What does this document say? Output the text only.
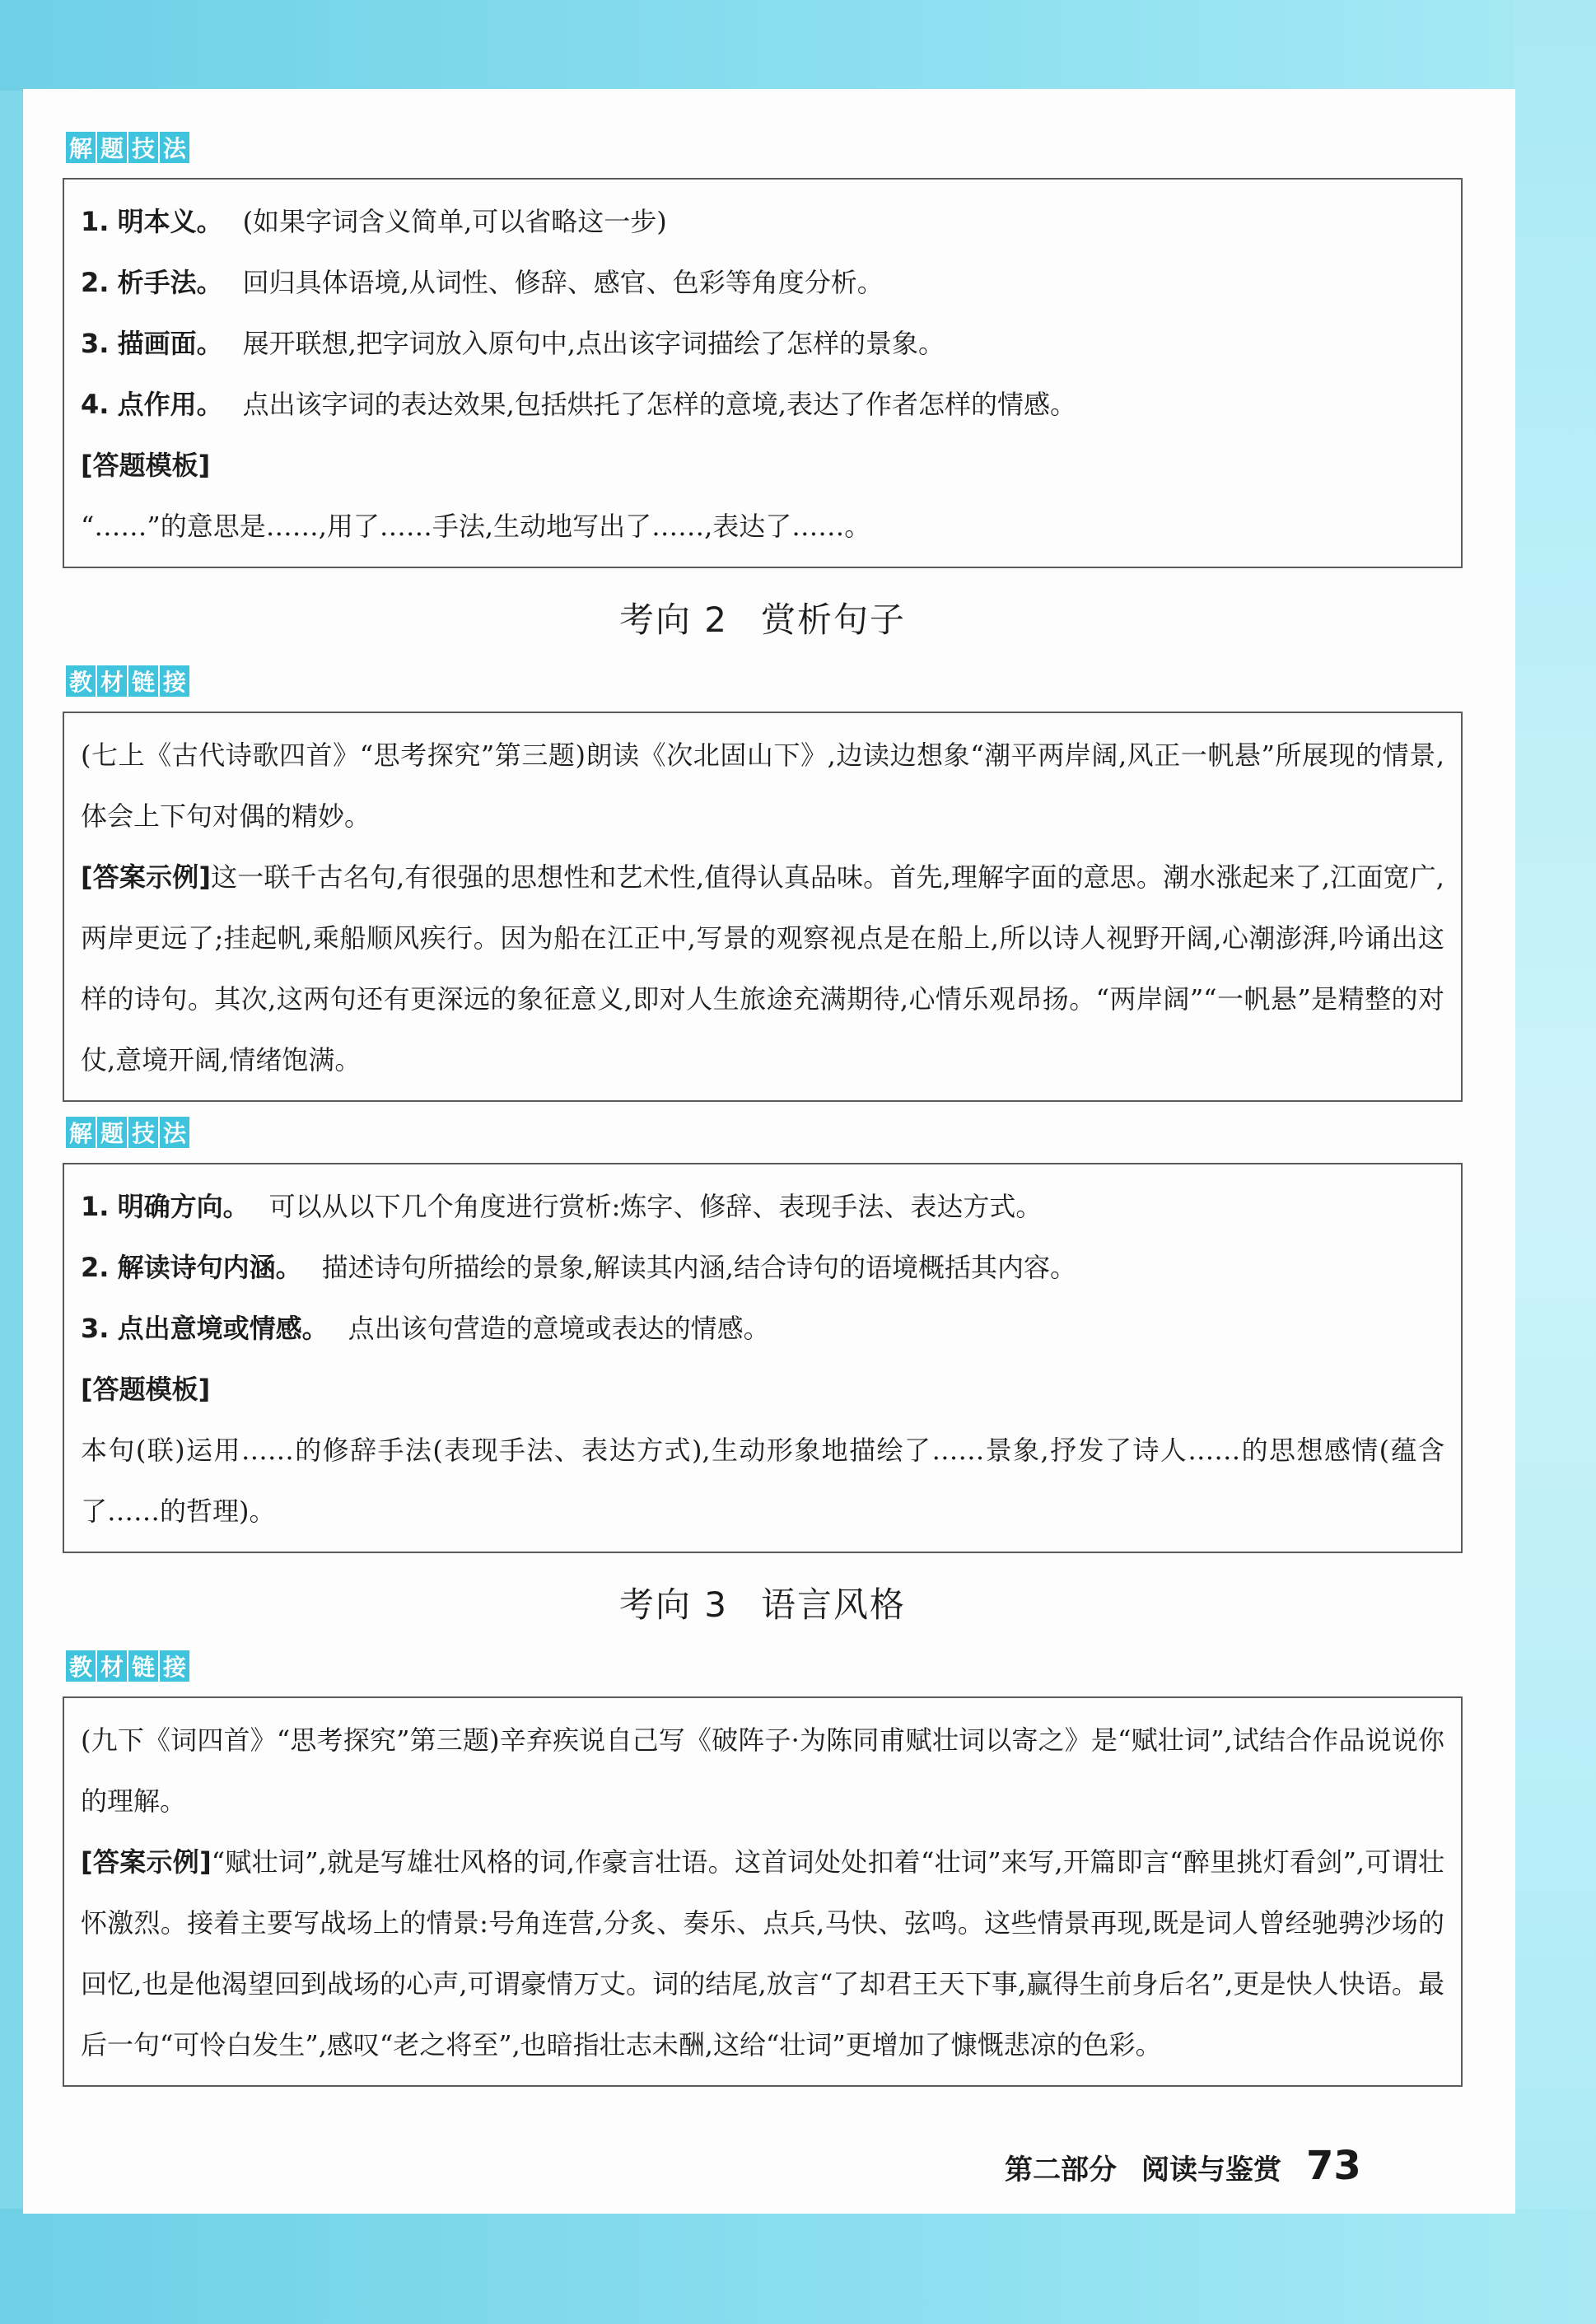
解 题 技 法
1. 明本义。 (如果字词含义简单,可以省略这一步)
2. 析手法。 回归具体语境,从词性、修辞、感官、色彩等角度分析。
3. 描画面。 展开联想,把字词放入原句中,点出该字词描绘了怎样的景象。
4. 点作用。 点出该字词的表达效果,包括烘托了怎样的意境,表达了作者怎样的情感。
[答题模板]
“……”的意思是……,用了……手法,生动地写出了……,表达了……。
考向 2 赏析句子
教 材 链 接
(七上《古代诗歌四首》“思考探究”第三题)朗读《次北固山下》,边读边想象“潮平两岸阔,风正一帆悬”所展现的情景,体会上下句对偶的精妙。
[答案示例]这一联千古名句,有很强的思想性和艺术性,值得认真品味。首先,理解字面的意思。潮水涨起来了,江面宽广,两岸更远了;挂起帆,乘船顺风疾行。因为船在江正中,写景的观察视点是在船上,所以诗人视野开阔,心潮澎湃,吟诵出这样的诗句。其次,这两句还有更深远的象征意义,即对人生旅途充满期待,心情乐观昂扬。“两岸阔”“一帆悬”是精整的对仗,意境开阔,情绪饱满。
解 题 技 法
1. 明确方向。 可以从以下几个角度进行赏析:炼字、修辞、表现手法、表达方式。
2. 解读诗句内涵。 描述诗句所描绘的景象,解读其内涵,结合诗句的语境概括其内容。
3. 点出意境或情感。 点出该句营造的意境或表达的情感。
[答题模板]
本句(联)运用……的修辞手法(表现手法、表达方式),生动形象地描绘了……景象,抒发了诗人……的思想感情(蕴含了……的哲理)。
考向 3 语言风格
教 材 链 接
(九下《词四首》“思考探究”第三题)辛弃疾说自己写《破阵子·为陈同甫赋壮词以寄之》是“赋壮词”,试结合作品说说你的理解。
[答案示例]“赋壮词”,就是写雄壮风格的词,作豪言壮语。这首词处处扣着“壮词”来写,开篇即言“醉里挑灯看剑”,可谓壮怀激烈。接着主要写战场上的情景:号角连营,分炙、奏乐、点兵,马快、弦鸣。这些情景再现,既是词人曾经驰骋沙场的回忆,也是他渴望回到战场的心声,可谓豪情万丈。词的结尾,放言“了却君王天下事,赢得生前身后名”,更是快人快语。最后一句“可怜白发生”,感叹“老之将至”,也暗指壮志未酬,这给“壮词”更增加了慷慨悲凉的色彩。
第二部分 阅读与鉴赏 73
